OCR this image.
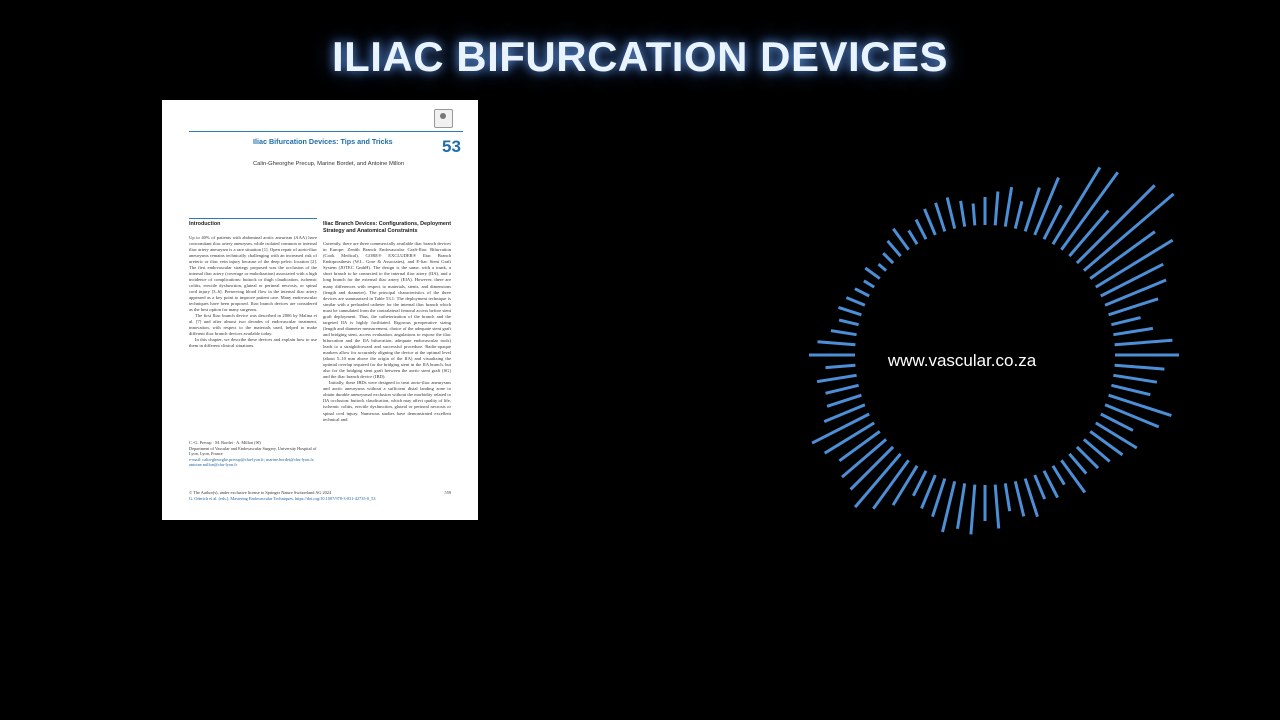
ILIAC BIFURCATION DEVICES
Iliac Bifurcation Devices: Tips and Tricks	53
Calin-Gheorghe Precup, Marine Bordet, and Antoine Millon
Introduction

Up to 40% of patients with abdominal aortic aneurism (AAA) have concomitant iliac artery aneurysm, while isolated common or internal iliac artery aneurysm is a rare situation [1]. Open repair of aorto-iliac aneurysms remains technically challenging with an increased risk of ureteric or iliac vein injury because of the deep pelvic location [2]. The first endovascular strategy proposed was the occlusion of the internal iliac artery (coverage or embolization) associated with a high incidence of complications: buttock or thigh claudication, ischemic colitis, erectile dysfunction, gluteal or perineal necrosis, or spinal cord injury [3–6]. Preserving blood flow in the internal iliac artery appeared as a key point to improve patient care. Many endovascular techniques have been proposed. Iliac branch devices are considered as the best option for many surgeons.

The first Iliac branch device was described in 2006 by Malina et al. [7] and after almost two decades of endovascular treatment, innovation, with respect to the materials used, helped to make different iliac branch devices available today.

In this chapter, we describe these devices and explain how to use them in different clinical situations.

C.-G. Precup · M. Bordet · A. Millon (✉)
Department of Vascular and Endovascular Surgery, University Hospital of Lyon, Lyon, France
e-mail: calin-gheorghe.precup@chu-lyon.fr; marine.bordet@chu-lyon.fr; antoine.millon@chu-lyon.fr
Iliac Branch Devices: Configurations, Deployment Strategy and Anatomical Constraints

Currently, there are three commercially available iliac branch devices in Europe: Zenith Branch Endovascular Graft-Iliac Bifurcation (Cook Medical), GORE® EXCLUDER® Iliac Branch Endoprosthesis (W.L. Gore & Associates), and E-liac Stent Graft System (JOTEC GmbH). The design is the same, with a trunk, a short branch to be connected to the internal iliac artery (IIA), and a long branch for the external iliac artery (EIA). However, there are many differences with respect to materials, stents, and dimensions (length and diameter). The principal characteristics of the three devices are summarized in Table 53.1. The deployment technique is similar with a preloaded catheter for the internal iliac branch which must be cannulated from the contralateral femoral access before stent graft deployment. Thus, the catheterization of the branch and the targeted IIA is highly facilitated. Rigorous preoperative sizing (length and diameter measurement, choice of the adequate stent graft and bridging stent, access evaluation, angulations to expose the iliac bifurcation and the IIA bifurcation, adequate endovascular tools) leads to a straightforward and successful procedure. Radio-opaque markers allow for accurately aligning the device at the optimal level (about 5–10 mm above the origin of the IIA) and visualizing the optimal overlap required for the bridging stent in the IIA branch, but also for the bridging stent graft between the aortic stent graft (SG) and the iliac branch device (IBD).

Initially, these IBDs were designed to treat aorto-iliac aneurysms and aortic aneurysms without a sufficient distal landing zone to obtain durable aneurysmal exclusion without the morbidity related to IIA occlusion: buttock claudication, which may affect quality of life, ischemic colitis, erectile dysfunction, gluteal or perineal necrosis or spinal cord injury. Numerous studies have demonstrated excellent technical and

© The Author(s), under exclusive license to Springer Nature Switzerland AG 2024
G. Oderich et al. (eds.), Mastering Endovascular Techniques, https://doi.org/10.1007/978-3-031-42735-0_53
559
www.vascular.co.za
